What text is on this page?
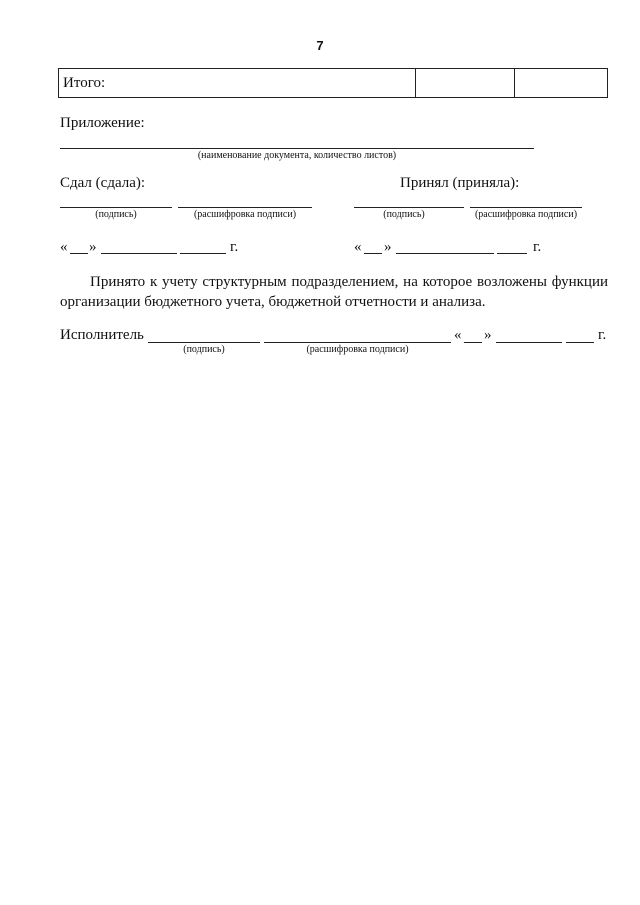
7
Итого:		
Приложение:
(наименование документа, количество листов)
Сдал (сдала):
(подпись)	(расшифровка подписи)
« »	г.
Принял (приняла):
(подпись)	(расшифровка подписи)
« »	г.
Принято к учету структурным подразделением, на которое возложены функции организации бюджетного учета, бюджетной отчетности и анализа.
Исполнитель
(подпись)	(расшифровка подписи)
« »	г.
